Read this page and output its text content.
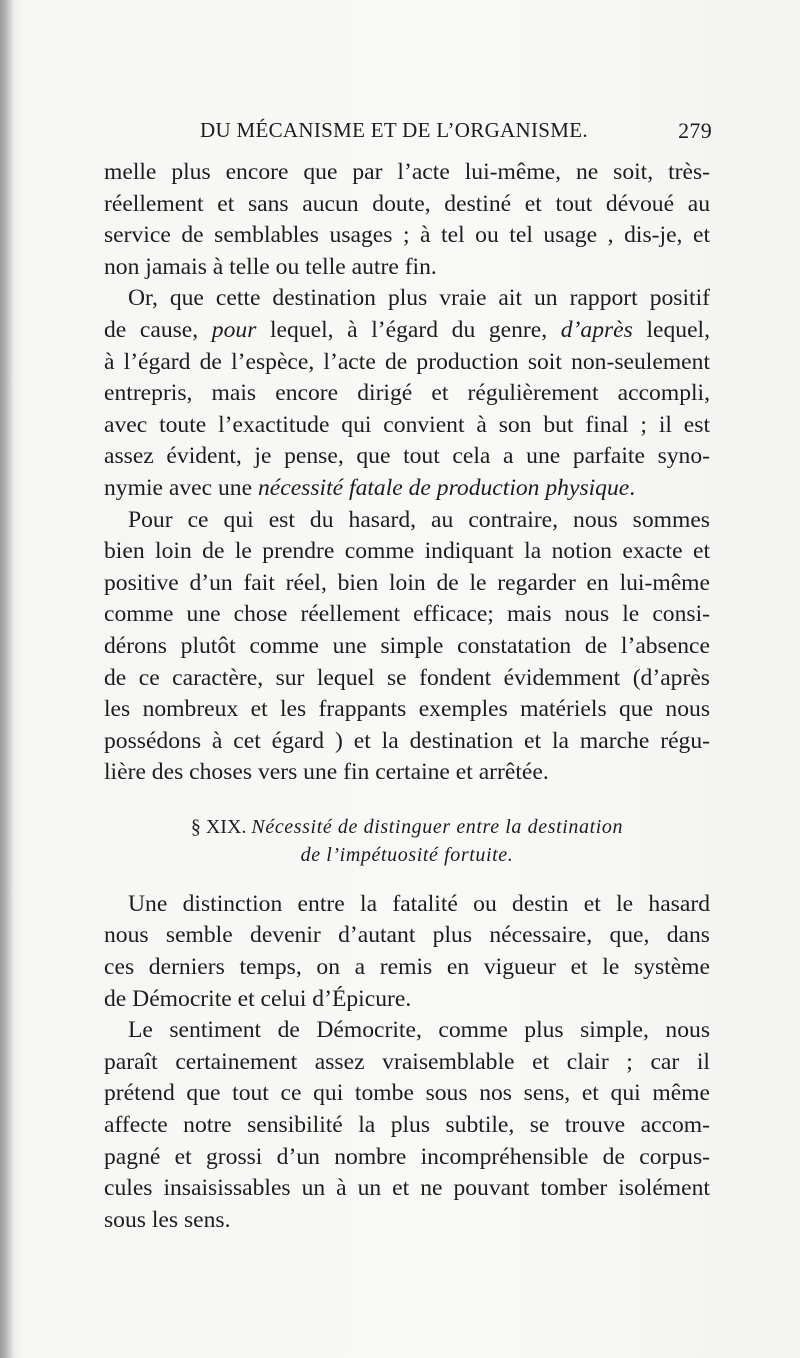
DU MÉCANISME ET DE L’ORGANISME.	279
melle plus encore que par l’acte lui-même, ne soit, très-
réellement et sans aucun doute, destiné et tout dévoué au
service de semblables usages ; à tel ou tel usage , dis-je, et
non jamais à telle ou telle autre fin.
Or, que cette destination plus vraie ait un rapport positif
de cause, pour lequel, à l’égard du genre, d’après lequel,
à l’égard de l’espèce, l’acte de production soit non-seulement
entrepris, mais encore dirigé et régulièrement accompli,
avec toute l’exactitude qui convient à son but final ; il est
assez évident, je pense, que tout cela a une parfaite syno-
nymie avec une nécessité fatale de production physique.
Pour ce qui est du hasard, au contraire, nous sommes
bien loin de le prendre comme indiquant la notion exacte et
positive d’un fait réel, bien loin de le regarder en lui-même
comme une chose réellement efficace; mais nous le consi-
dérons plutôt comme une simple constatation de l’absence
de ce caractère, sur lequel se fondent évidemment (d’après
les nombreux et les frappants exemples matériels que nous
possédons à cet égard ) et la destination et la marche régu-
lière des choses vers une fin certaine et arrêtée.
§ XIX. Nécessité de distinguer entre la destination
de l’impétuosité fortuite.
Une distinction entre la fatalité ou destin et le hasard
nous semble devenir d’autant plus nécessaire, que, dans
ces derniers temps, on a remis en vigueur et le système
de Démocrite et celui d’Épicure.
Le sentiment de Démocrite, comme plus simple, nous
paraît certainement assez vraisemblable et clair ; car il
prétend que tout ce qui tombe sous nos sens, et qui même
affecte notre sensibilité la plus subtile, se trouve accom-
pagné et grossi d’un nombre incompréhensible de corpus-
cules insaisissables un à un et ne pouvant tomber isolément
sous les sens.
